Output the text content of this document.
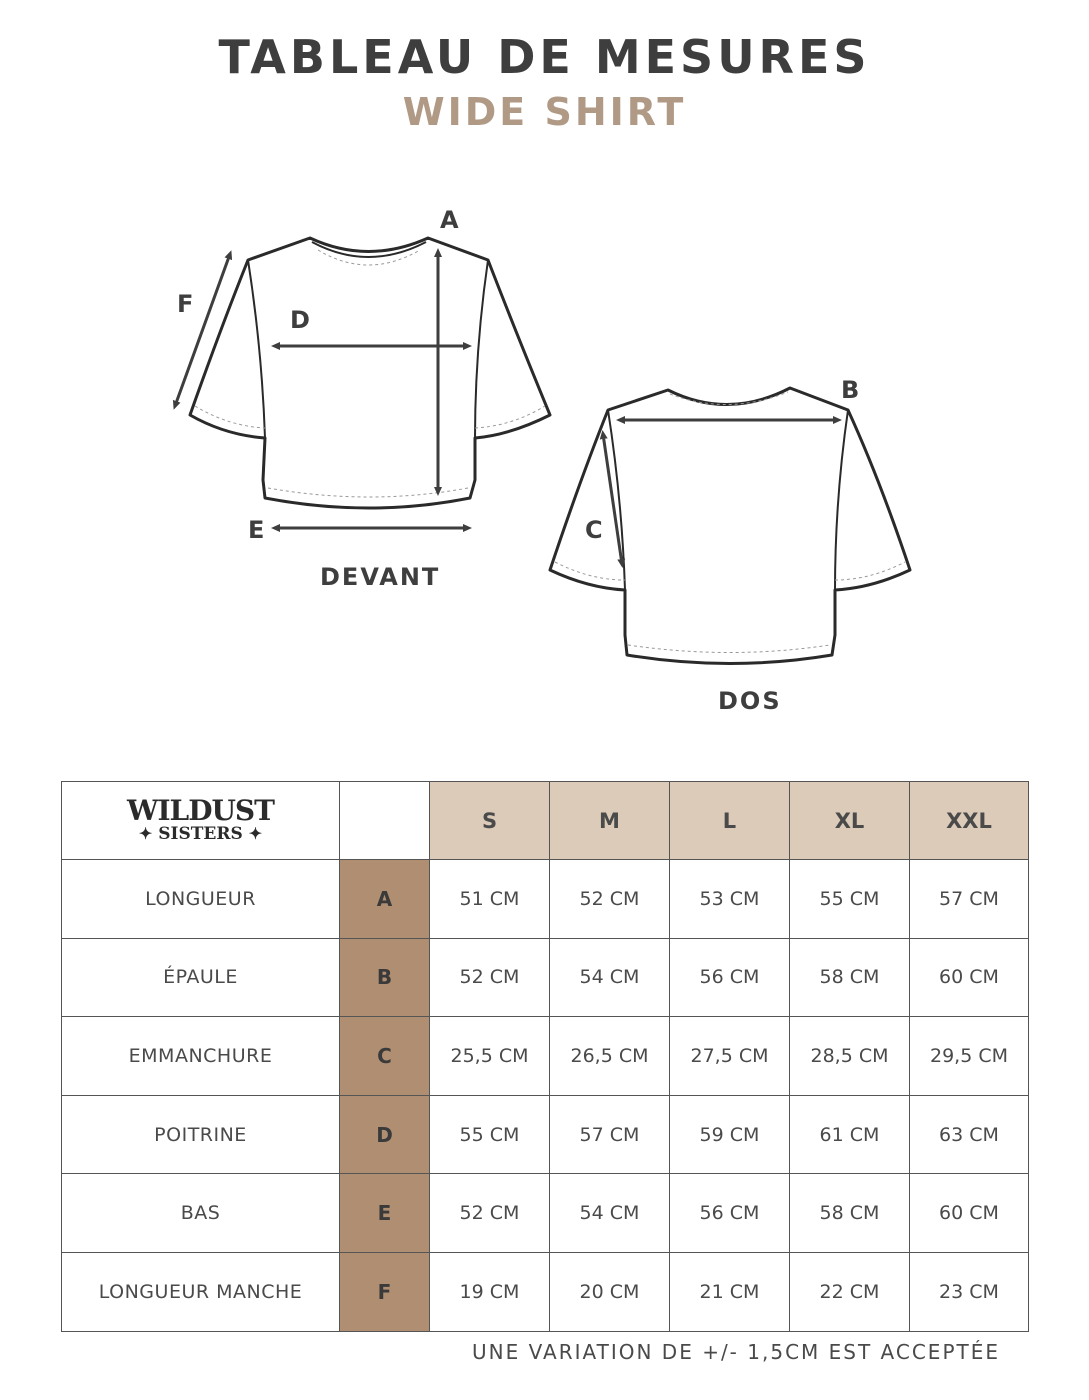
TABLEAU DE MESURES
WIDE SHIRT
A
D
F
E
B
C
DEVANT
DOS
WILDUST
✦ SISTERS ✦		S	M	L	XL	XXL
LONGUEUR	A	51 CM	52 CM	53 CM	55 CM	57 CM
ÉPAULE	B	52 CM	54 CM	56 CM	58 CM	60 CM
EMMANCHURE	C	25,5 CM	26,5 CM	27,5 CM	28,5 CM	29,5 CM
POITRINE	D	55 CM	57 CM	59 CM	61 CM	63 CM
BAS	E	52 CM	54 CM	56 CM	58 CM	60 CM
LONGUEUR MANCHE	F	19 CM	20 CM	21 CM	22 CM	23 CM
UNE VARIATION DE +/- 1,5CM EST ACCEPTÉE
